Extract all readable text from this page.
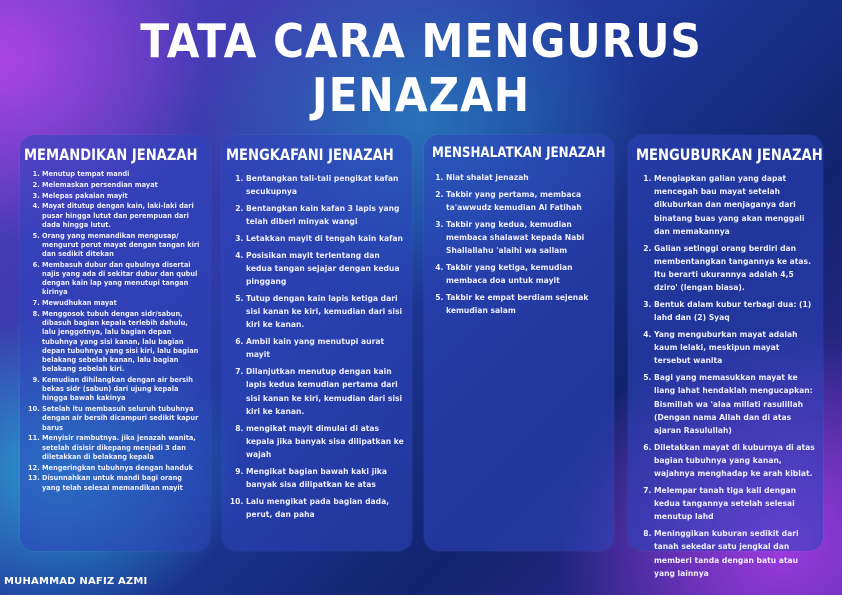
TATA CARA MENGURUS JENAZAH
MEMANDIKAN JENAZAH
1. Menutup tempat mandi
2. Melemaskan persendian mayat
3. Melepas pakaian mayit
4. Mayat ditutup dengan kain, laki-laki dari pusar hingga lutut dan perempuan dari dada hingga lutut.
5. Orang yang memandikan mengusap/ mengurut perut mayat dengan tangan kiri dan sedikit ditekan
6. Membasuh dubur dan qubulnya disertai najis yang ada di sekitar dubur dan qubul dengan kain lap yang menutupi tangan kirinya
7. Mewudhukan mayat
8. Menggosok tubuh dengan sidr/sabun, dibasuh bagian kepala terlebih dahulu, lalu jenggotnya, lalu bagian depan tubuhnya yang sisi kanan, lalu bagian depan tubuhnya yang sisi kiri, lalu bagian belakang sebelah kanan, lalu bagian belakang sebelah kiri.
9. Kemudian dihilangkan dengan air bersih bekas sidr (sabun) dari ujung kepala hingga bawah kakinya
10. Setelah itu membasuh seluruh tubuhnya dengan air bersih dicampuri sedikit kapur barus
11. Menyisir rambutnya. jika jenazah wanita, setelah disisir dikepang menjadi 3 dan diletakkan di belakang kepala
12. Mengeringkan tubuhnya dengan handuk
13. Disunnahkan untuk mandi bagi orang yang telah selesai memandikan mayit
MENGKAFANI JENAZAH
1. Bentangkan tali-tali pengikat kafan secukupnya
2. Bentangkan kain kafan 3 lapis yang telah diberi minyak wangi
3. Letakkan mayit di tengah kain kafan
4. Posisikan mayit terlentang dan kedua tangan sejajar dengan kedua pinggang
5. Tutup dengan kain lapis ketiga dari sisi kanan ke kiri, kemudian dari sisi kiri ke kanan.
6. Ambil kain yang menutupi aurat mayit
7. Dilanjutkan menutup dengan kain lapis kedua kemudian pertama dari sisi kanan ke kiri, kemudian dari sisi kiri ke kanan.
8. mengikat mayit dimulai di atas kepala jika banyak sisa dilipatkan ke wajah
9. Mengikat bagian bawah kaki jika banyak sisa dilipatkan ke atas
10. Lalu mengikat pada bagian dada, perut, dan paha
MENSHALATKAN JENAZAH
1. Niat shalat jenazah
2. Takbir yang pertama, membaca ta'awwudz kemudian Al Fatihah
3. Takbir yang kedua, kemudian membaca shalawat kepada Nabi Shallallahu 'alaihi wa sallam
4. Takbir yang ketiga, kemudian membaca doa untuk mayit
5. Takbir ke empat berdiam sejenak kemudian salam
MENGUBURKAN JENAZAH
1. Mengiapkan galian yang dapat mencegah bau mayat setelah dikuburkan dan menjaganya dari binatang buas yang akan menggali dan memakannya
2. Galian setinggi orang berdiri dan membentangkan tangannya ke atas. Itu berarti ukurannya adalah 4,5 dziro' (lengan biasa).
3. Bentuk dalam kubur terbagi dua: (1) lahd dan (2) Syaq
4. Yang menguburkan mayat adalah kaum lelaki, meskipun mayat tersebut wanita
5. Bagi yang memasukkan mayat ke liang lahat hendaklah mengucapkan: Bismillah wa 'alaa millati rasulillah (Dengan nama Allah dan di atas ajaran Rasulullah)
6. Diletakkan mayat di kuburnya di atas bagian tubuhnya yang kanan, wajahnya menghadap ke arah kiblat.
7. Melempar tanah tiga kali dengan kedua tangannya setelah selesai menutup lahd
8. Meninggikan kuburan sedikit dari tanah sekedar satu jengkal dan memberi tanda dengan batu atau yang lainnya
MUHAMMAD NAFIZ AZMI
